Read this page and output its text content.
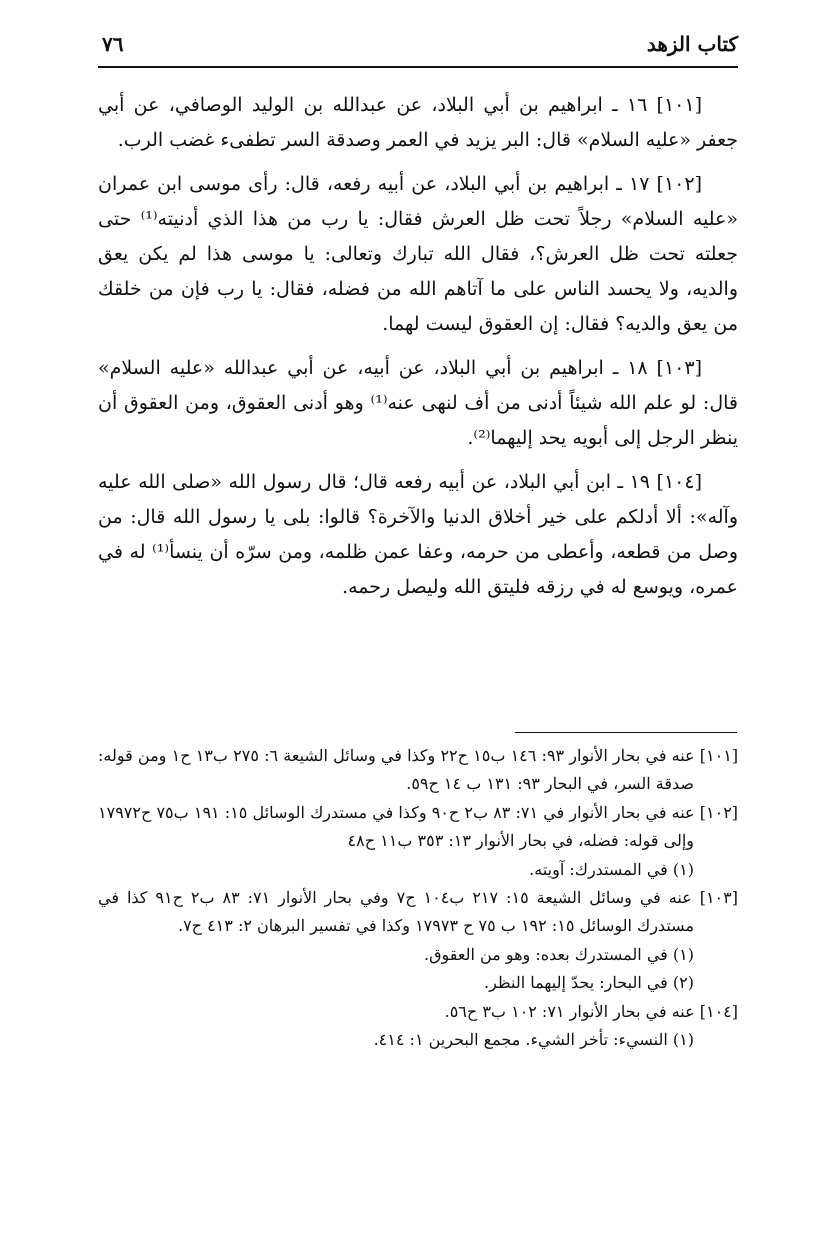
كتاب الزهد
٧٦

[١٠١] ١٦ ـ ابراهيم بن أبي البلاد، عن عبدالله بن الوليد الوصافي، عن أبي جعفر «عليه السلام» قال: البر يزيد في العمر وصدقة السر تطفىء غضب الرب.

[١٠٢] ١٧ ـ ابراهيم بن أبي البلاد، عن أبيه رفعه، قال: رأى موسى ابن عمران «عليه السلام» رجلاً تحت ظل العرش فقال: يا رب من هذا الذي أدنيته⁽¹⁾ حتى جعلته تحت ظل العرش؟، فقال الله تبارك وتعالى: يا موسى هذا لم يكن يعق والديه، ولا يحسد الناس على ما آتاهم الله من فضله، فقال: يا رب فإن من خلقك من يعق والديه؟ فقال: إن العقوق ليست لهما.

[١٠٣] ١٨ ـ ابراهيم بن أبي البلاد، عن أبيه، عن أبي عبدالله «عليه السلام» قال: لو علم الله شيئاً أدنى من أف لنهى عنه⁽¹⁾ وهو أدنى العقوق، ومن العقوق أن ينظر الرجل إلى أبويه يحد إليهما⁽²⁾.

[١٠٤] ١٩ ـ ابن أبي البلاد، عن أبيه رفعه قال؛ قال رسول الله «صلى الله عليه وآله»: ألا أدلكم على خير أخلاق الدنيا والآخرة؟ قالوا: بلى يا رسول الله قال: من وصل من قطعه، وأعطى من حرمه، وعفا عمن ظلمه، ومن سرّه أن ينسأ⁽¹⁾ له في عمره، ويوسع له في رزقه فليتق الله وليصل رحمه.

[١٠١] عنه في بحار الأنوار ٩٣: ١٤٦ ب١٥ ح٢٢ وكذا في وسائل الشيعة ٦: ٢٧٥ ب١٣ ح١ ومن قوله: صدقة السر، في البحار ٩٣: ١٣١ ب ١٤ ح٥٩.

[١٠٢] عنه في بحار الأنوار في ٧١: ٨٣ ب٢ ح٩٠ وكذا في مستدرك الوسائل ١٥: ١٩١ ب٧٥ ح١٧٩٧٢ وإلى قوله: فضله، في بحار الأنوار ١٣: ٣٥٣ ب١١ ح٤٨

(١) في المستدرك: آويته.

[١٠٣] عنه في وسائل الشيعة ١٥: ٢١٧ ب١٠٤ ح٧ وفي بحار الأنوار ٧١: ٨٣ ب٢ ح٩١ كذا في مستدرك الوسائل ١٥: ١٩٢ ب ٧٥ ح ١٧٩٧٣ وكذا في تفسير البرهان ٢: ٤١٣ ح٧.

(١) في المستدرك بعده: وهو من العقوق.

(٢) في البحار: يحدّ إليهما النظر.

[١٠٤] عنه في بحار الأنوار ٧١: ١٠٢ ب٣ ح٥٦.

(١) النسيء: تأخر الشيء. مجمع البحرين ١: ٤١٤.
